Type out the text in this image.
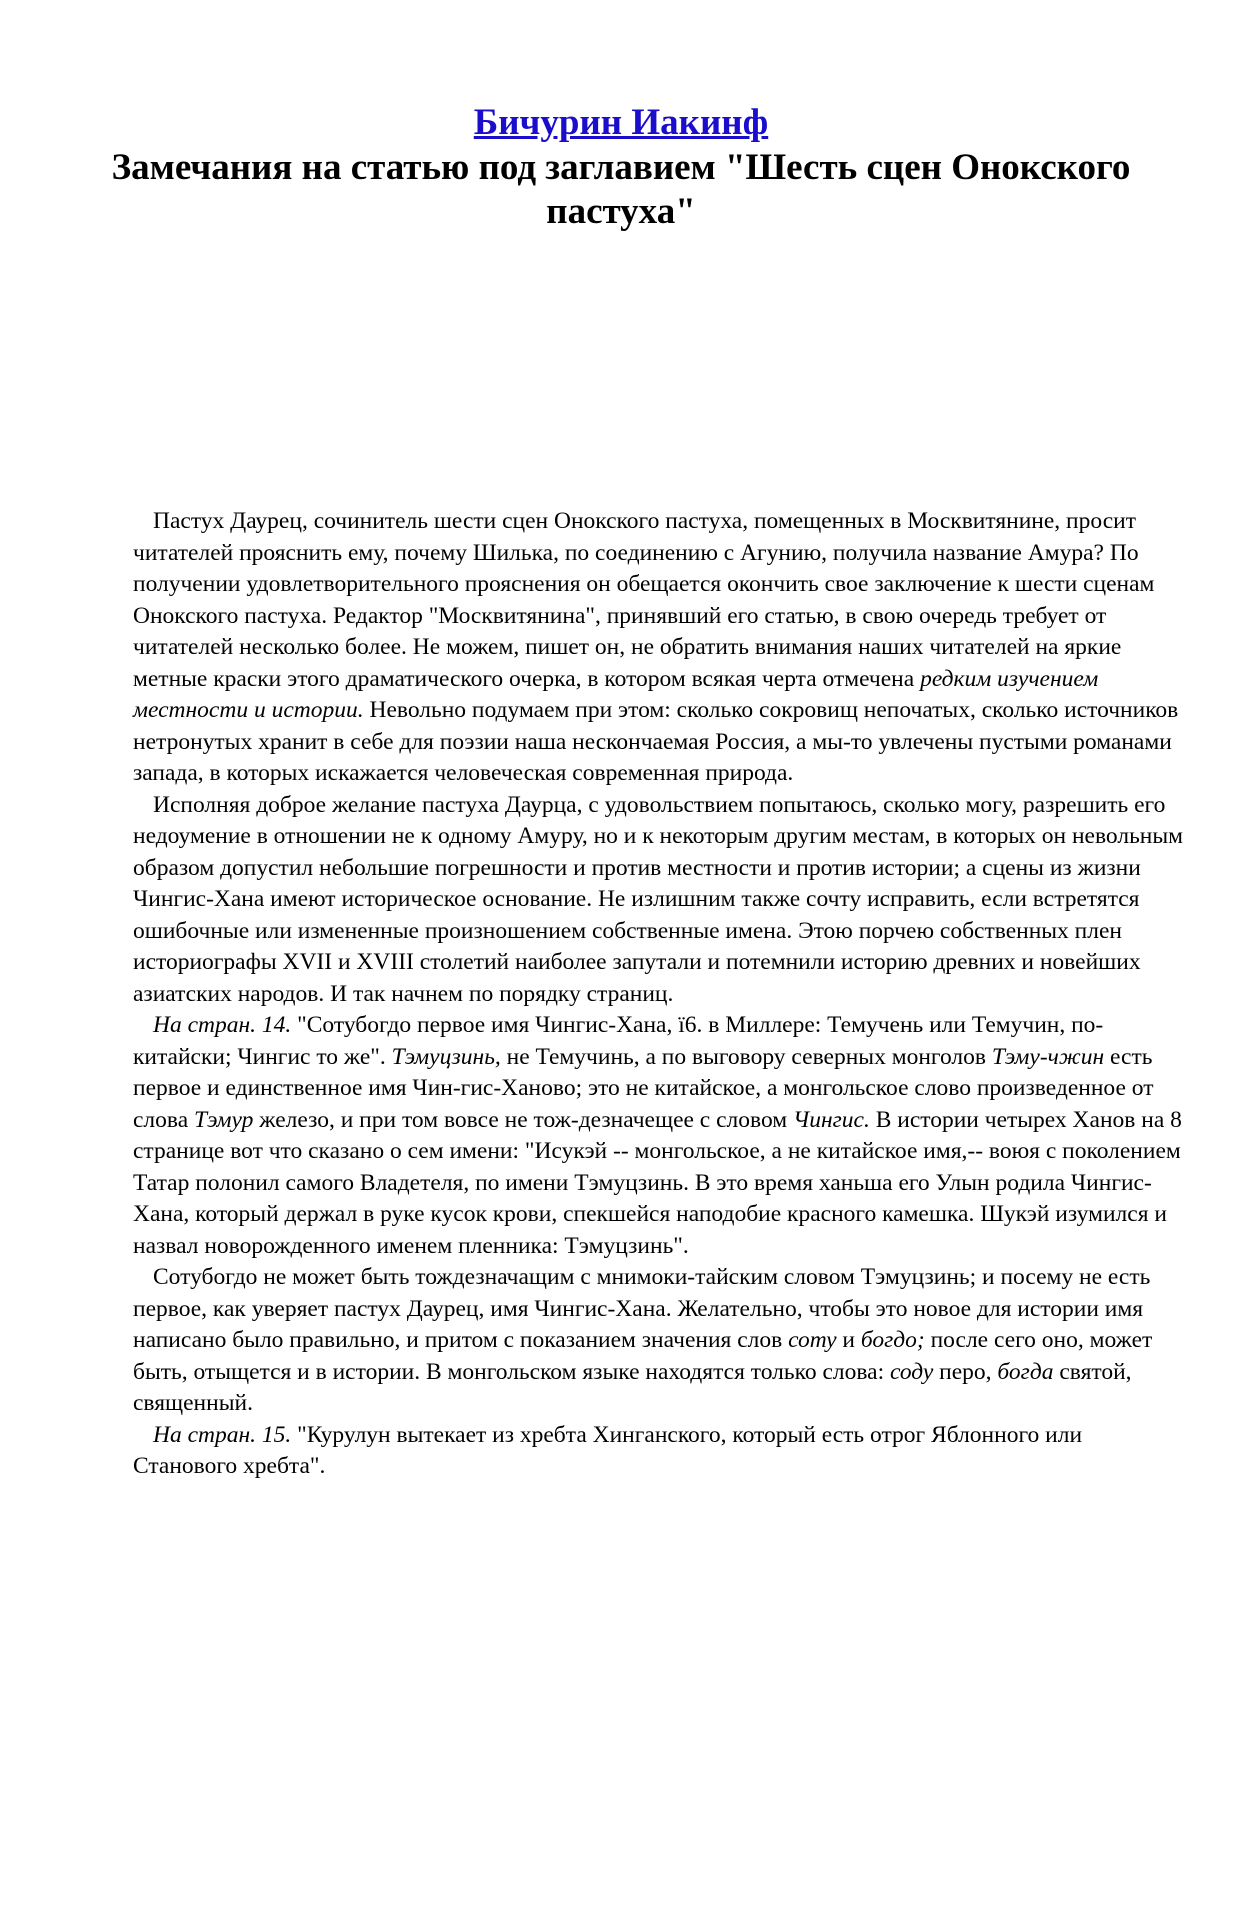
Бичурин Иакинф
Замечания на статью под заглавием "Шесть сцен Онокского пастуха"

Пастух Даурец, сочинитель шести сцен Онокского пастуха, помещенных в Москвитянине, просит читателей прояснить ему, почему Шилька, по соединению с Агунию, получила название Амура? По получении удовлетворительного прояснения он обещается окончить свое заключение к шести сценам Онокского пастуха. Редактор "Москвитянина", принявший его статью, в свою очередь требует от читателей несколько более. Не можем, пишет он, не обратить внимания наших читателей на яркие метные краски этого драматического очерка, в котором всякая черта отмечена редким изучением местности и истории. Невольно подумаем при этом: сколько сокровищ непочатых, сколько источников нетронутых хранит в себе для поэзии наша нескончаемая Россия, а мы-то увлечены пустыми романами запада, в которых искажается человеческая современная природа.

Исполняя доброе желание пастуха Даурца, с удовольствием попытаюсь, сколько могу, разрешить его недоумение в отношении не к одному Амуру, но и к некоторым другим местам, в которых он невольным образом допустил небольшие погрешности и против местности и против истории; а сцены из жизни Чингис-Хана имеют историческое основание. Не излишним также сочту исправить, если встретятся ошибочные или измененные произношением собственные имена. Этою порчею собственных плен историографы XVII и XVIII столетий наиболее запутали и потемнили историю древних и новейших азиатских народов. И так начнем по порядку страниц.

На стран. 14. "Сотубогдо первое имя Чингис-Хана, ї6. в Миллере: Темучень или Темучин, по-китайски; Чингис то же". Тэмуцзинь, не Темучинь, а по выговору северных монголов Тэму-чжин есть первое и единственное имя Чин-гис-Ханово; это не китайское, а монгольское слово произведенное от слова Тэмур железо, и при том вовсе не тож-дезначещее с словом Чингис. В истории четырех Ханов на 8 странице вот что сказано о сем имени: "Исукэй -- монгольское, а не китайское имя,-- воюя с поколением Татар полонил самого Владетеля, по имени Тэмуцзинь. В это время ханьша его Улын родила Чингис-Хана, который держал в руке кусок крови, спекшейся наподобие красного камешка. Шукэй изумился и назвал новорожденного именем пленника: Тэмуцзинь".

Сотубогдо не может быть тождезначащим с мнимоки-тайским словом Тэмуцзинь; и посему не есть первое, как уверяет пастух Даурец, имя Чингис-Хана. Желательно, чтобы это новое для истории имя написано было правильно, и притом с показанием значения слов соту и богдо; после сего оно, может быть, отыщется и в истории. В монгольском языке находятся только слова: соду перо, богда святой, священный.

На стран. 15. "Курулун вытекает из хребта Хинганского, который есть отрог Яблонного или Станового хребта".
